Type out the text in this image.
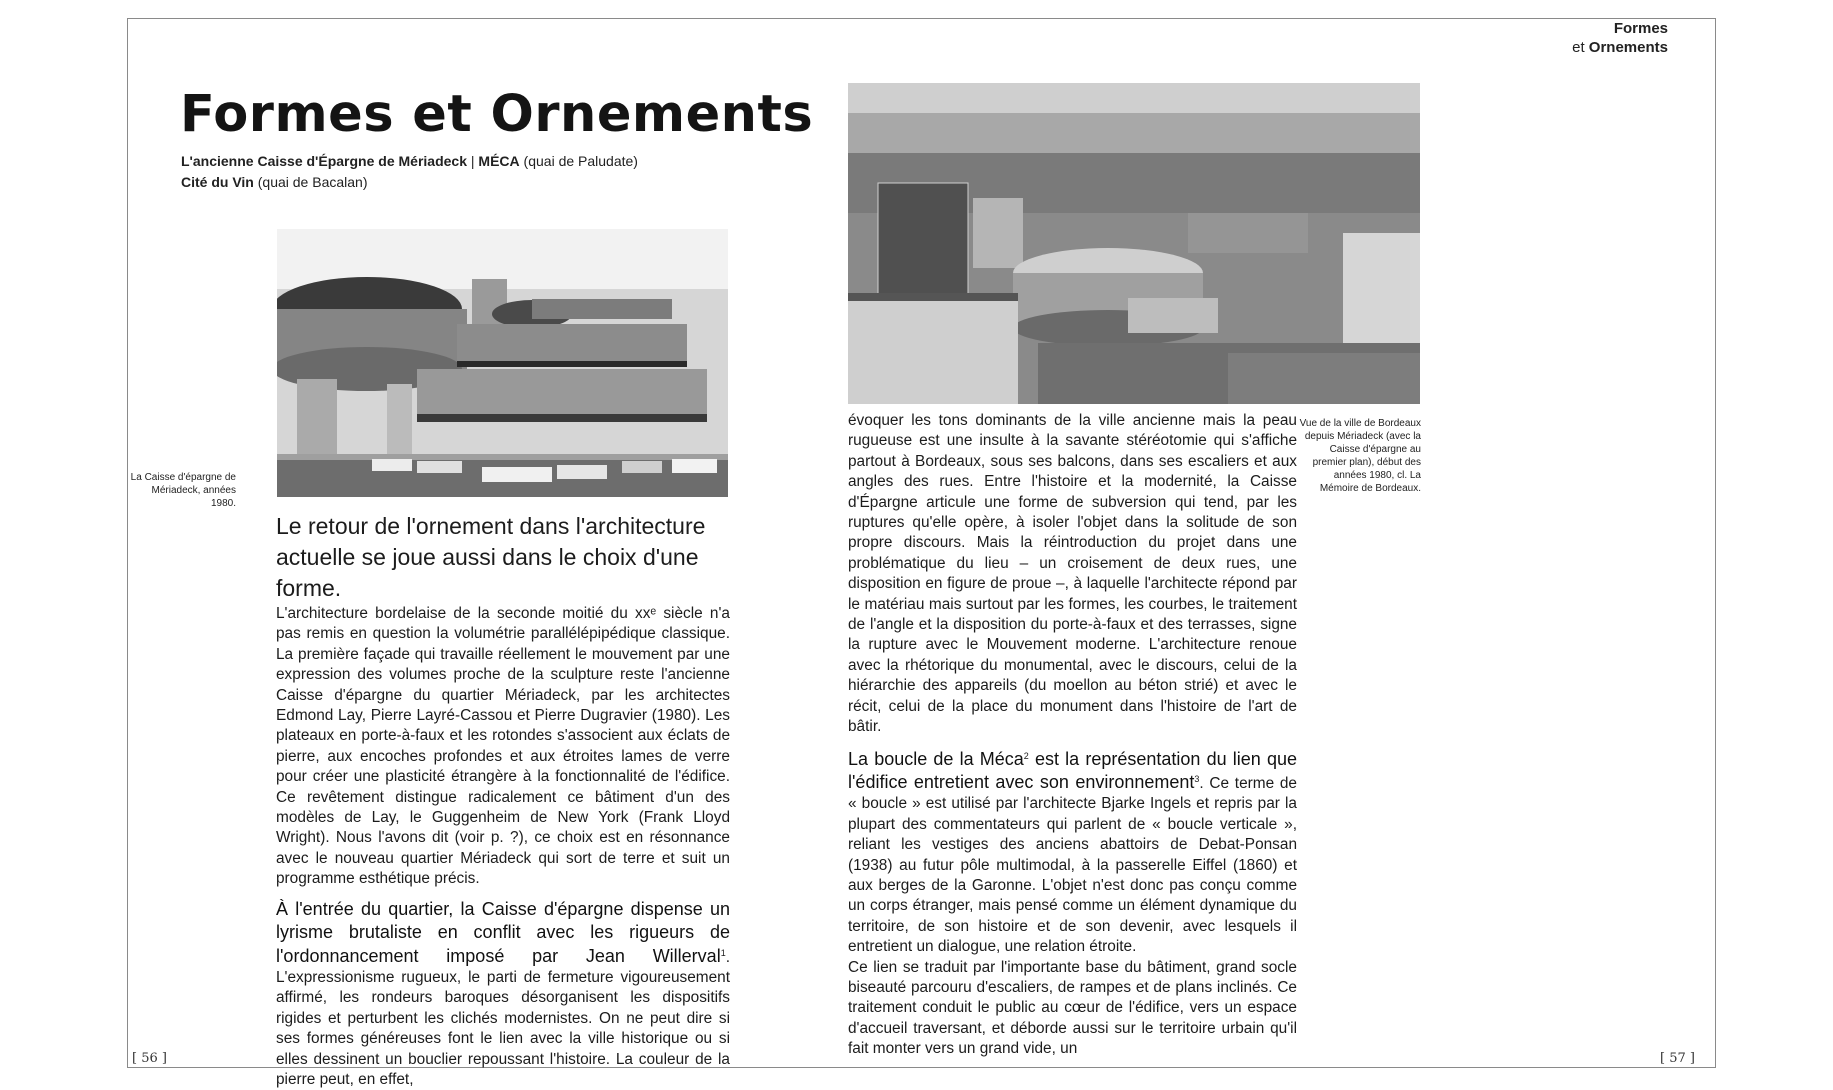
Formes
et Ornements
Formes et Ornements
L'ancienne Caisse d'Épargne de Mériadeck | MÉCA (quai de Paludate)
Cité du Vin (quai de Bacalan)
La Caisse d'épargne de Mériadeck, années 1980.

Le retour de l'ornement dans l'architecture actuelle se joue aussi dans le choix d'une forme.

L'architecture bordelaise de la seconde moitié du xxᵉ siècle n'a pas remis en question la volumétrie parallélépipédique classique. La première façade qui travaille réellement le mouvement par une expression des volumes proche de la sculpture reste l'ancienne Caisse d'épargne du quartier Mériadeck, par les architectes Edmond Lay, Pierre Layré-Cassou et Pierre Dugravier (1980). Les plateaux en porte-à-faux et les rotondes s'associent aux éclats de pierre, aux encoches profondes et aux étroites lames de verre pour créer une plasticité étrangère à la fonctionnalité de l'édifice. Ce revêtement distingue radicalement ce bâtiment d'un des modèles de Lay, le Guggenheim de New York (Frank Lloyd Wright). Nous l'avons dit (voir p. ?), ce choix est en résonnance avec le nouveau quartier Mériadeck qui sort de terre et suit un programme esthétique précis.

À l'entrée du quartier, la Caisse d'épargne dispense un lyrisme brutaliste en conflit avec les rigueurs de l'ordonnancement imposé par Jean Willerval$^1$. L'expressionisme rugueux, le parti de fermeture vigoureusement affirmé, les rondeurs baroques désorganisent les dispositifs rigides et perturbent les clichés modernistes. On ne peut dire si ses formes généreuses font le lien avec la ville historique ou si elles dessinent un bouclier repoussant l'histoire. La couleur de la pierre peut, en effet,

Vue de la ville de Bordeaux depuis Mériadeck (avec la Caisse d'épargne au premier plan), début des années 1980, cl. La Mémoire de Bordeaux.

évoquer les tons dominants de la ville ancienne mais la peau rugueuse est une insulte à la savante stéréotomie qui s'affiche partout à Bordeaux, sous ses balcons, dans ses escaliers et aux angles des rues. Entre l'histoire et la modernité, la Caisse d'Épargne articule une forme de subversion qui tend, par les ruptures qu'elle opère, à isoler l'objet dans la solitude de son propre discours. Mais la réintroduction du projet dans une problématique du lieu – un croisement de deux rues, une disposition en figure de proue –, à laquelle l'architecte répond par le matériau mais surtout par les formes, les courbes, le traitement de l'angle et la disposition du porte-à-faux et des terrasses, signe la rupture avec le Mouvement moderne. L'architecture renoue avec la rhétorique du monumental, avec le discours, celui de la hiérarchie des appareils (du moellon au béton strié) et avec le récit, celui de la place du monument dans l'histoire de l'art de bâtir.

La boucle de la Méca$^2$ est la représentation du lien que l'édifice entretient avec son environnement$^3$. Ce terme de « boucle » est utilisé par l'architecte Bjarke Ingels et repris par la plupart des commentateurs qui parlent de « boucle verticale », reliant les vestiges des anciens abattoirs de Debat-Ponsan (1938) au futur pôle multimodal, à la passerelle Eiffel (1860) et aux berges de la Garonne. L'objet n'est donc pas conçu comme un corps étranger, mais pensé comme un élément dynamique du territoire, de son histoire et de son devenir, avec lesquels il entretient un dialogue, une relation étroite.

Ce lien se traduit par l'importante base du bâtiment, grand socle biseauté parcouru d'escaliers, de rampes et de plans inclinés. Ce traitement conduit le public au cœur de l'édifice, vers un espace d'accueil traversant, et déborde aussi sur le territoire urbain qu'il fait monter vers un grand vide, un

[ 56 ]	[ 57 ]
